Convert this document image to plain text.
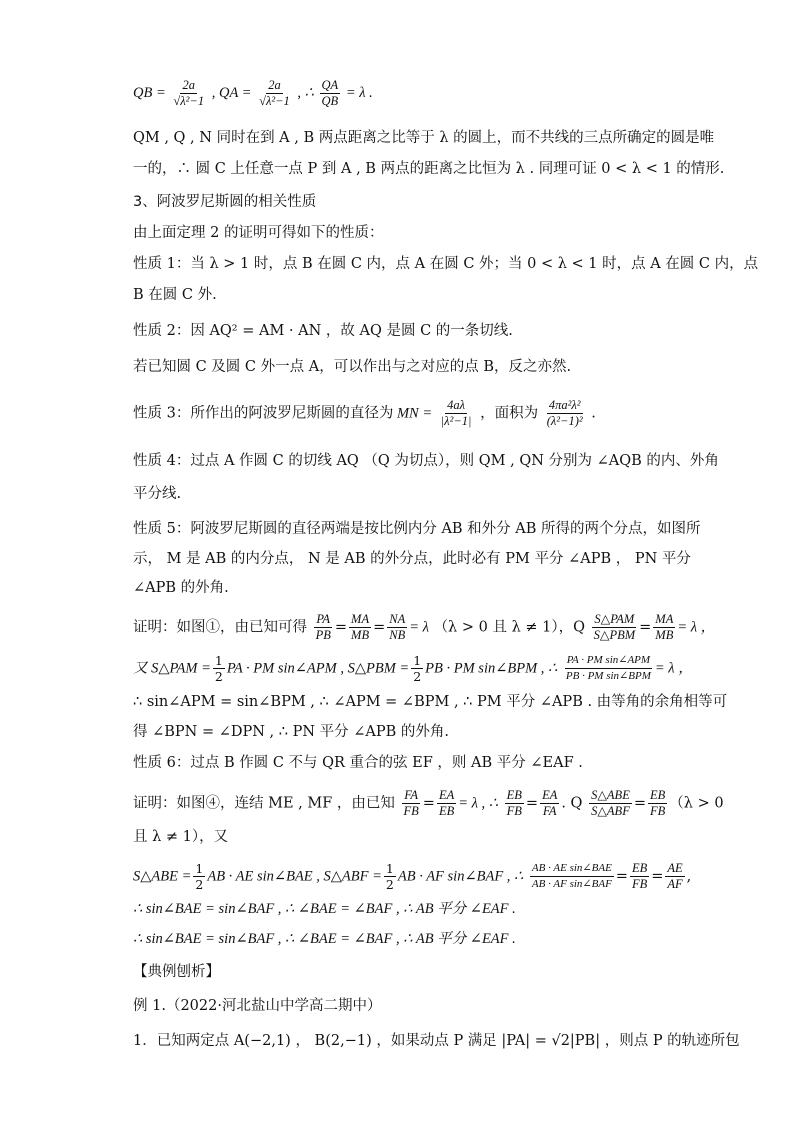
QB = $\frac{2a}{\text{√λ²−1}}$ , QA = $\frac{2a}{\text{√λ²−1}}$ , ∴ $\frac{QA}{QB} = \lambda$ .
QM , Q , N 同时在到 A , B 两点距离之比等于 λ 的圆上，而不共线的三点所确定的圆是唯
一的，∴ 圆 C 上任意一点 P 到 A , B 两点的距离之比恒为 λ . 同理可证 0 < λ < 1 的情形.
3、阿波罗尼斯圆的相关性质
由上面定理 2 的证明可得如下的性质：
性质 1：当 λ > 1 时，点 B 在圆 C 内，点 A 在圆 C 外；当 0 < λ < 1 时，点 A 在圆 C 内，点
B 在圆 C 外.
性质 2：因 AQ² = AM · AN ，故 AQ 是圆 C 的一条切线.
若已知圆 C 及圆 C 外一点 A，可以作出与之对应的点 B，反之亦然.
性质 3：所作出的阿波罗尼斯圆的直径为 MN = $\frac{4a\lambda}{\text{|λ²−1|}}$ ，面积为 $\frac{\text{4πa²λ²}}{\text{(λ²−1)²}}$ .
性质 4：过点 A 作圆 C 的切线 AQ （Q 为切点），则 QM , QN 分别为 ∠AQB 的内、外角
平分线.
性质 5：阿波罗尼斯圆的直径两端是按比例内分 AB 和外分 AB 所得的两个分点，如图所
示， M 是 AB 的内分点， N 是 AB 的外分点，此时必有 PM 平分 ∠APB ， PN 平分
∠APB 的外角.
证明：如图①，由已知可得 $\frac{PA}{PB} = \frac{MA}{MB} = \frac{NA}{NB} = \lambda$ （λ > 0 且 λ ≠ 1），Q $\frac{\text{S△PAM}}{\text{S△PBM}} = \frac{MA}{MB} = \lambda$ ，
又 S△PAM = $\frac{1}{2}$ PA · PM sin∠APM , S△PBM = $\frac{1}{2}$ PB · PM sin∠BPM , ∴ $\frac{\text{PA · PM sin∠APM}}{\text{PB · PM sin∠BPM}} = \lambda$ ，
∴ sin∠APM = sin∠BPM , ∴ ∠APM = ∠BPM , ∴ PM 平分 ∠APB . 由等角的余角相等可
得 ∠BPN = ∠DPN , ∴ PN 平分 ∠APB 的外角.
性质 6：过点 B 作圆 C 不与 QR 重合的弦 EF ，则 AB 平分 ∠EAF .
证明：如图④，连结 ME , MF ，由已知 $\frac{FA}{FB} = \frac{EA}{EB} = \lambda$ , ∴ $\frac{EB}{FB} = \frac{EA}{FA}$ . Q $\frac{\text{S△ABE}}{\text{S△ABF}} = \frac{EB}{FB} (\lambda > 0$
且 λ ≠ 1），又
S△ABE = $\frac{1}{2}$ AB · AE sin∠BAE , S△ABF = $\frac{1}{2}$ AB · AF sin∠BAF , ∴ $\frac{\text{AB · AE sin∠BAE}}{\text{AB · AF sin∠BAF}} = \frac{EB}{FB} = \frac{AE}{AF}$ ,
∴ sin∠BAE = sin∠BAF , ∴ ∠BAE = ∠BAF , ∴ AB 平分 ∠EAF .
∴ sin∠BAE = sin∠BAF , ∴ ∠BAE = ∠BAF , ∴ AB 平分 ∠EAF .
【典例刨析】
例 1.（2022·河北盐山中学高二期中）
1．已知两定点 A(−2,1) ， B(2,−1) ，如果动点 P 满足 |PA| = √2|PB| ，则点 P 的轨迹所包
